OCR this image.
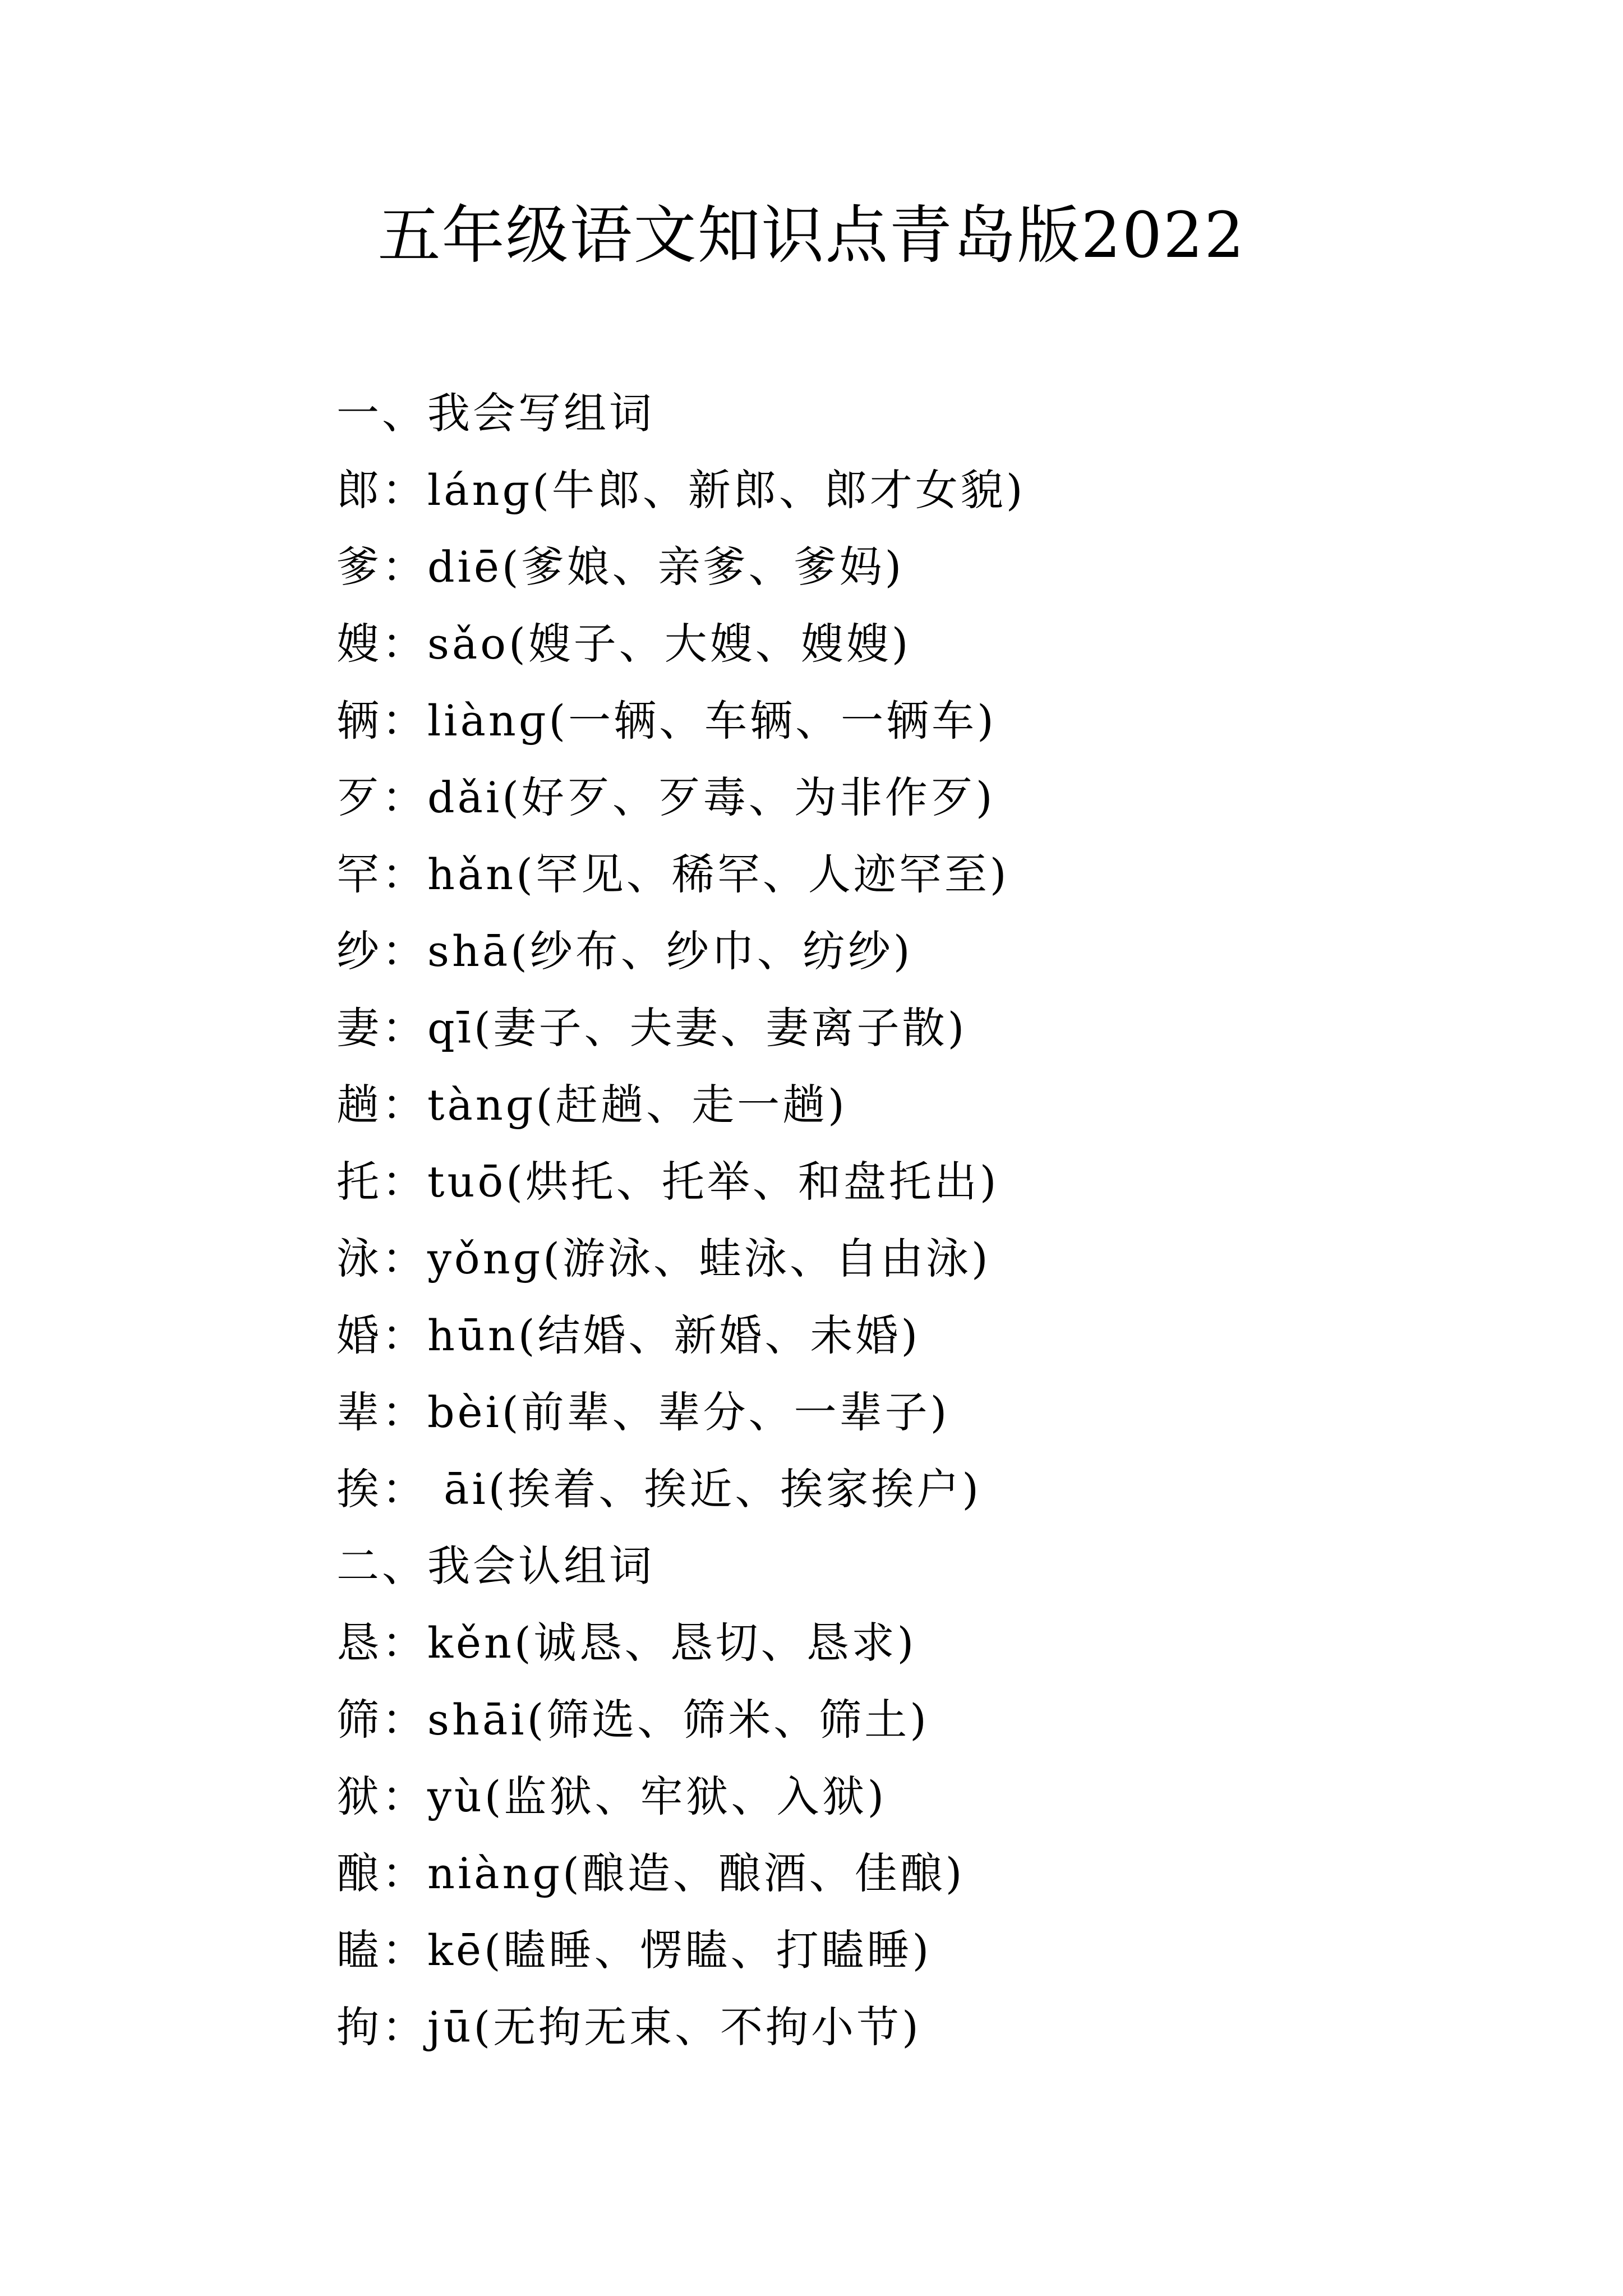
五年级语文知识点青岛版2022
一、我会写组词
郎：lánɡ(牛郎、新郎、郎才女貌)
爹：diē(爹娘、亲爹、爹妈)
嫂：sǎo(嫂子、大嫂、嫂嫂)
辆：liànɡ(一辆、车辆、一辆车)
歹：dǎi(好歹、歹毒、为非作歹)
罕：hǎn(罕见、稀罕、人迹罕至)
纱：shā(纱布、纱巾、纺纱)
妻：qī(妻子、夫妻、妻离子散)
趟：tànɡ(赶趟、走一趟)
托：tuō(烘托、托举、和盘托出)
泳：yǒnɡ(游泳、蛙泳、自由泳)
婚：hūn(结婚、新婚、未婚)
辈：bèi(前辈、辈分、一辈子)
挨： āi(挨着、挨近、挨家挨户)
二、我会认组词
恳：kěn(诚恳、恳切、恳求)
筛：shāi(筛选、筛米、筛土)
狱：yù(监狱、牢狱、入狱)
酿：niànɡ(酿造、酿酒、佳酿)
瞌：kē(瞌睡、愣瞌、打瞌睡)
拘：jū(无拘无束、不拘小节)
